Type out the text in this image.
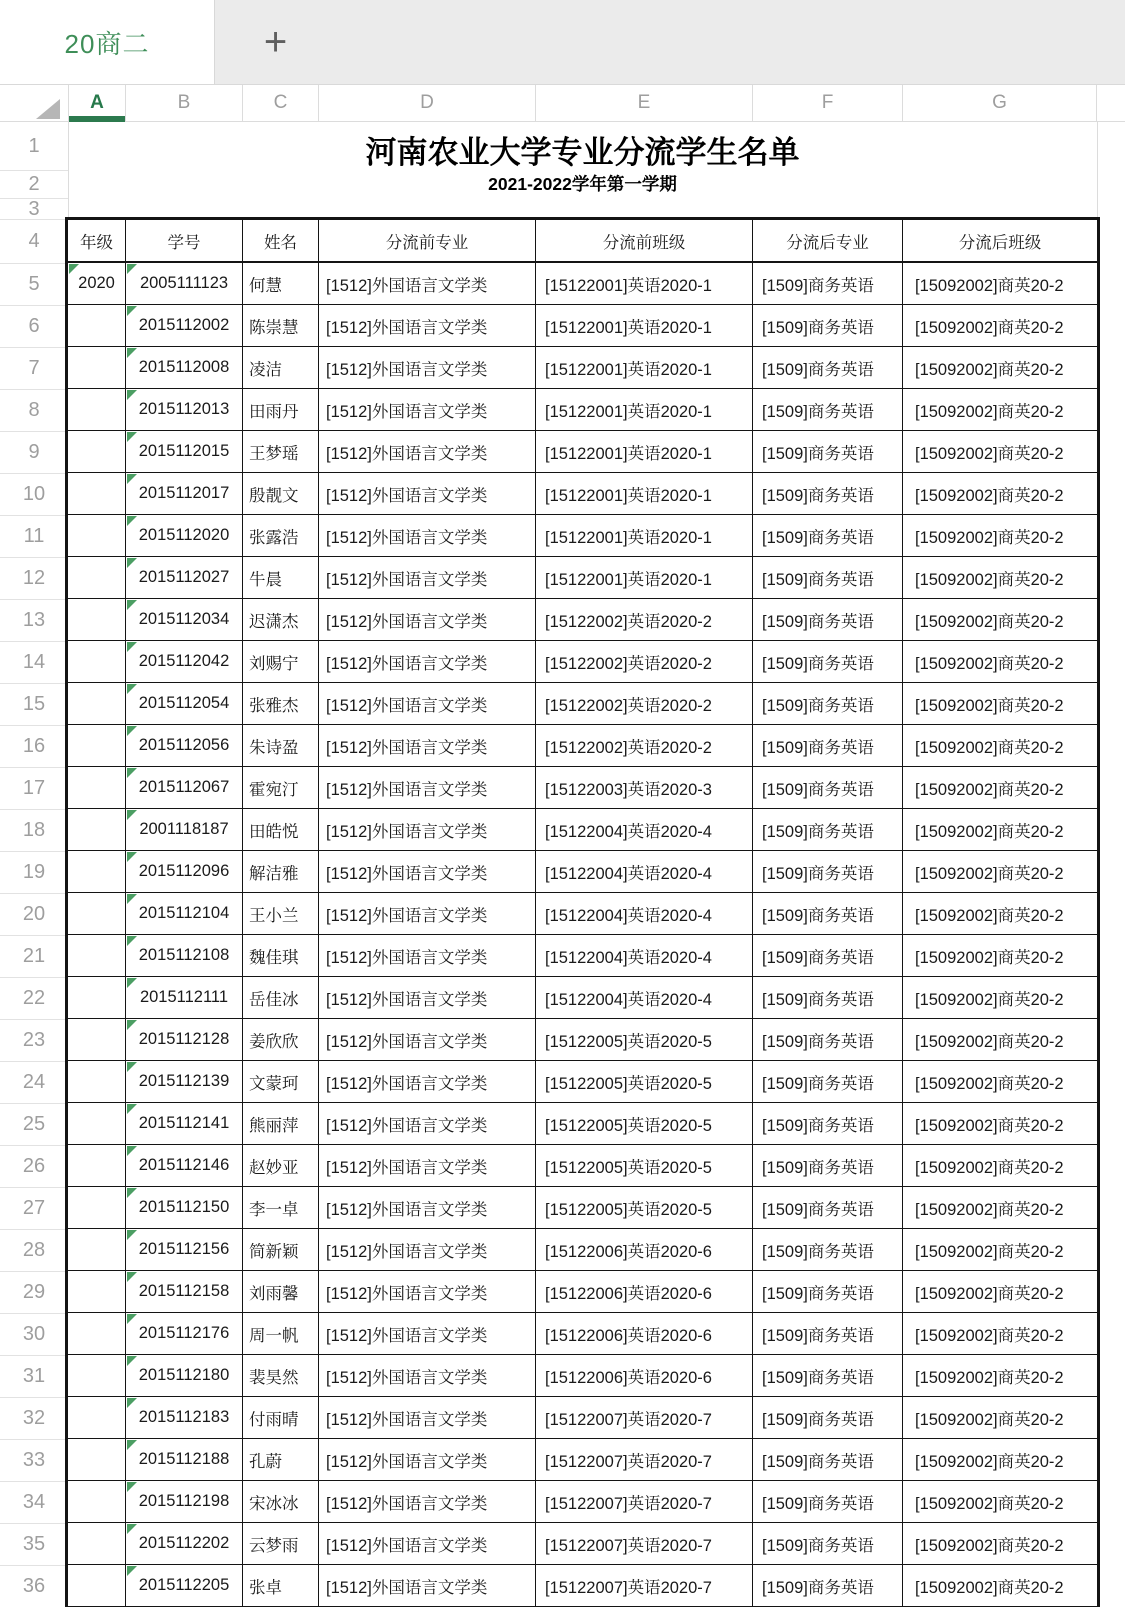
20商二	+
A	B	C	D	E	F	G
1
2
3
4
5
6
7
8
9
10
11
12
13
14
15
16
17
18
19
20
21
22
23
24
25
26
27
28
29
30
31
32
33
34
35
36
河南农业大学专业分流学生名单
2021-2022学年第一学期
年级	学号	姓名	分流前专业	分流前班级	分流后专业	分流后班级
2020	2005111123	何慧	[1512]外国语言文学类	[15122001]英语2020-1	[1509]商务英语	[15092002]商英20-2
2015112002	陈崇慧	[1512]外国语言文学类	[15122001]英语2020-1	[1509]商务英语	[15092002]商英20-2
2015112008	凌洁	[1512]外国语言文学类	[15122001]英语2020-1	[1509]商务英语	[15092002]商英20-2
2015112013	田雨丹	[1512]外国语言文学类	[15122001]英语2020-1	[1509]商务英语	[15092002]商英20-2
2015112015	王梦瑶	[1512]外国语言文学类	[15122001]英语2020-1	[1509]商务英语	[15092002]商英20-2
2015112017	殷靓文	[1512]外国语言文学类	[15122001]英语2020-1	[1509]商务英语	[15092002]商英20-2
2015112020	张露浩	[1512]外国语言文学类	[15122001]英语2020-1	[1509]商务英语	[15092002]商英20-2
2015112027	牛晨	[1512]外国语言文学类	[15122001]英语2020-1	[1509]商务英语	[15092002]商英20-2
2015112034	迟潇杰	[1512]外国语言文学类	[15122002]英语2020-2	[1509]商务英语	[15092002]商英20-2
2015112042	刘赐宁	[1512]外国语言文学类	[15122002]英语2020-2	[1509]商务英语	[15092002]商英20-2
2015112054	张雅杰	[1512]外国语言文学类	[15122002]英语2020-2	[1509]商务英语	[15092002]商英20-2
2015112056	朱诗盈	[1512]外国语言文学类	[15122002]英语2020-2	[1509]商务英语	[15092002]商英20-2
2015112067	霍宛汀	[1512]外国语言文学类	[15122003]英语2020-3	[1509]商务英语	[15092002]商英20-2
2001118187	田皓悦	[1512]外国语言文学类	[15122004]英语2020-4	[1509]商务英语	[15092002]商英20-2
2015112096	解洁雅	[1512]外国语言文学类	[15122004]英语2020-4	[1509]商务英语	[15092002]商英20-2
2015112104	王小兰	[1512]外国语言文学类	[15122004]英语2020-4	[1509]商务英语	[15092002]商英20-2
2015112108	魏佳琪	[1512]外国语言文学类	[15122004]英语2020-4	[1509]商务英语	[15092002]商英20-2
2015112111	岳佳冰	[1512]外国语言文学类	[15122004]英语2020-4	[1509]商务英语	[15092002]商英20-2
2015112128	姜欣欣	[1512]外国语言文学类	[15122005]英语2020-5	[1509]商务英语	[15092002]商英20-2
2015112139	文蒙珂	[1512]外国语言文学类	[15122005]英语2020-5	[1509]商务英语	[15092002]商英20-2
2015112141	熊丽萍	[1512]外国语言文学类	[15122005]英语2020-5	[1509]商务英语	[15092002]商英20-2
2015112146	赵妙亚	[1512]外国语言文学类	[15122005]英语2020-5	[1509]商务英语	[15092002]商英20-2
2015112150	李一卓	[1512]外国语言文学类	[15122005]英语2020-5	[1509]商务英语	[15092002]商英20-2
2015112156	简新颖	[1512]外国语言文学类	[15122006]英语2020-6	[1509]商务英语	[15092002]商英20-2
2015112158	刘雨馨	[1512]外国语言文学类	[15122006]英语2020-6	[1509]商务英语	[15092002]商英20-2
2015112176	周一帆	[1512]外国语言文学类	[15122006]英语2020-6	[1509]商务英语	[15092002]商英20-2
2015112180	裴昊然	[1512]外国语言文学类	[15122006]英语2020-6	[1509]商务英语	[15092002]商英20-2
2015112183	付雨晴	[1512]外国语言文学类	[15122007]英语2020-7	[1509]商务英语	[15092002]商英20-2
2015112188	孔蔚	[1512]外国语言文学类	[15122007]英语2020-7	[1509]商务英语	[15092002]商英20-2
2015112198	宋冰冰	[1512]外国语言文学类	[15122007]英语2020-7	[1509]商务英语	[15092002]商英20-2
2015112202	云梦雨	[1512]外国语言文学类	[15122007]英语2020-7	[1509]商务英语	[15092002]商英20-2
2015112205	张卓	[1512]外国语言文学类	[15122007]英语2020-7	[1509]商务英语	[15092002]商英20-2
